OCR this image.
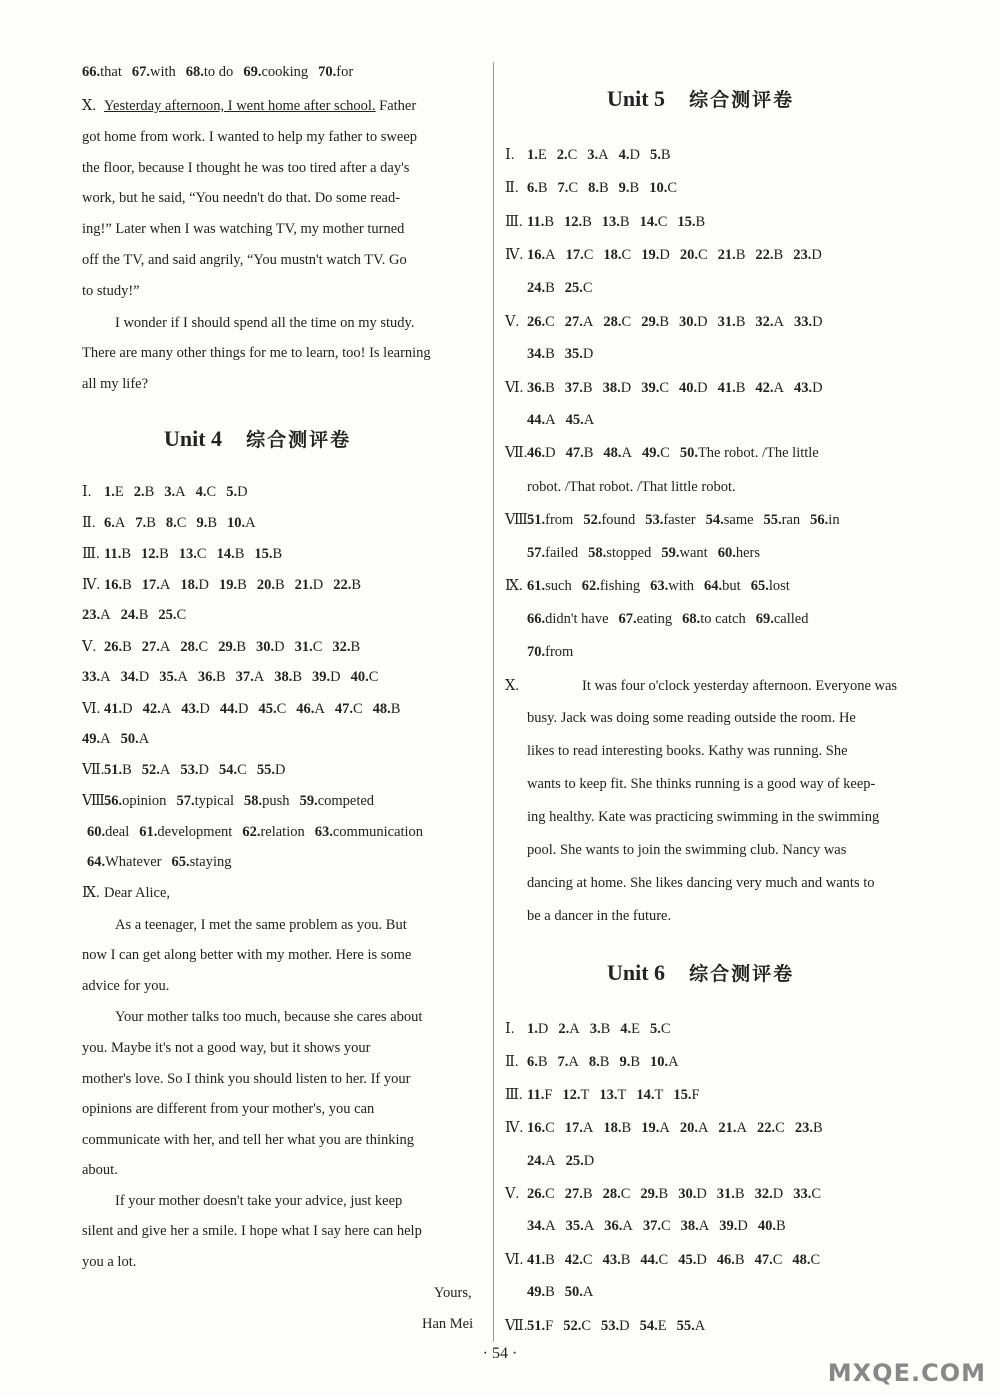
66.that 67.with 68.to do 69.cooking 70.for
Ⅹ. Yesterday afternoon, I went home after school. Father
got home from work. I wanted to help my father to sweep
the floor, because I thought he was too tired after a day's
work, but he said, “You needn't do that. Do some read-
ing!” Later when I was watching TV, my mother turned
off the TV, and said angrily, “You mustn't watch TV. Go
to study!”
I wonder if I should spend all the time on my study.
There are many other things for me to learn, too! Is learning
all my life?
Unit 4 综合测评卷
Ⅰ. 1.E 2.B 3.A 4.C 5.D
Ⅱ. 6.A 7.B 8.C 9.B 10.A
Ⅲ. 11.B 12.B 13.C 14.B 15.B
Ⅳ. 16.B 17.A 18.D 19.B 20.B 21.D 22.B
23.A 24.B 25.C
Ⅴ. 26.B 27.A 28.C 29.B 30.D 31.C 32.B
33.A 34.D 35.A 36.B 37.A 38.B 39.D 40.C
Ⅵ. 41.D 42.A 43.D 44.D 45.C 46.A 47.C 48.B
49.A 50.A
Ⅶ. 51.B 52.A 53.D 54.C 55.D
Ⅷ.
56.opinion 57.typical 58.push 59.competed
60.deal 61.development 62.relation 63.communication
64.Whatever 65.staying
Ⅸ. Dear Alice,
As a teenager, I met the same problem as you. But
now I can get along better with my mother. Here is some
advice for you.
Your mother talks too much, because she cares about
you. Maybe it's not a good way, but it shows your
mother's love. So I think you should listen to her. If your
opinions are different from your mother's, you can
communicate with her, and tell her what you are thinking
about.
If your mother doesn't take your advice, just keep
silent and give her a smile. I hope what I say here can help
you a lot.
Yours,
Han Mei
Unit 5 综合测评卷
Ⅰ. 1.E 2.C 3.A 4.D 5.B
Ⅱ. 6.B 7.C 8.B 9.B 10.C
Ⅲ. 11.B 12.B 13.B 14.C 15.B
Ⅳ. 16.A 17.C 18.C 19.D 20.C 21.B 22.B 23.D
24.B 25.C
Ⅴ. 26.C 27.A 28.C 29.B 30.D 31.B 32.A 33.D
34.B 35.D
Ⅵ. 36.B 37.B 38.D 39.C 40.D 41.B 42.A 43.D
44.A 45.A
Ⅶ. 46.D 47.B 48.A 49.C 50.The robot. /The little
robot. /That robot. /That little robot.
Ⅷ.
51.from 52.found 53.faster 54.same 55.ran 56.in
57.failed 58.stopped 59.want 60.hers
Ⅸ. 61.such 62.fishing 63.with 64.but 65.lost
66.didn't have 67.eating 68.to catch 69.called
70.from
Ⅹ.	It was four o'clock yesterday afternoon. Everyone was
busy. Jack was doing some reading outside the room. He
likes to read interesting books. Kathy was running. She
wants to keep fit. She thinks running is a good way of keep-
ing healthy. Kate was practicing swimming in the swimming
pool. She wants to join the swimming club. Nancy was
dancing at home. She likes dancing very much and wants to
be a dancer in the future.
Unit 6 综合测评卷
Ⅰ. 1.D 2.A 3.B 4.E 5.C
Ⅱ. 6.B 7.A 8.B 9.B 10.A
Ⅲ. 11.F 12.T 13.T 14.T 15.F
Ⅳ. 16.C 17.A 18.B 19.A 20.A 21.A 22.C 23.B
24.A 25.D
Ⅴ. 26.C 27.B 28.C 29.B 30.D 31.B 32.D 33.C
34.A 35.A 36.A 37.C 38.A 39.D 40.B
Ⅵ. 41.B 42.C 43.B 44.C 45.D 46.B 47.C 48.C
49.B 50.A
Ⅶ. 51.F 52.C 53.D 54.E 55.A
· 54 ·
MXQE.COM
